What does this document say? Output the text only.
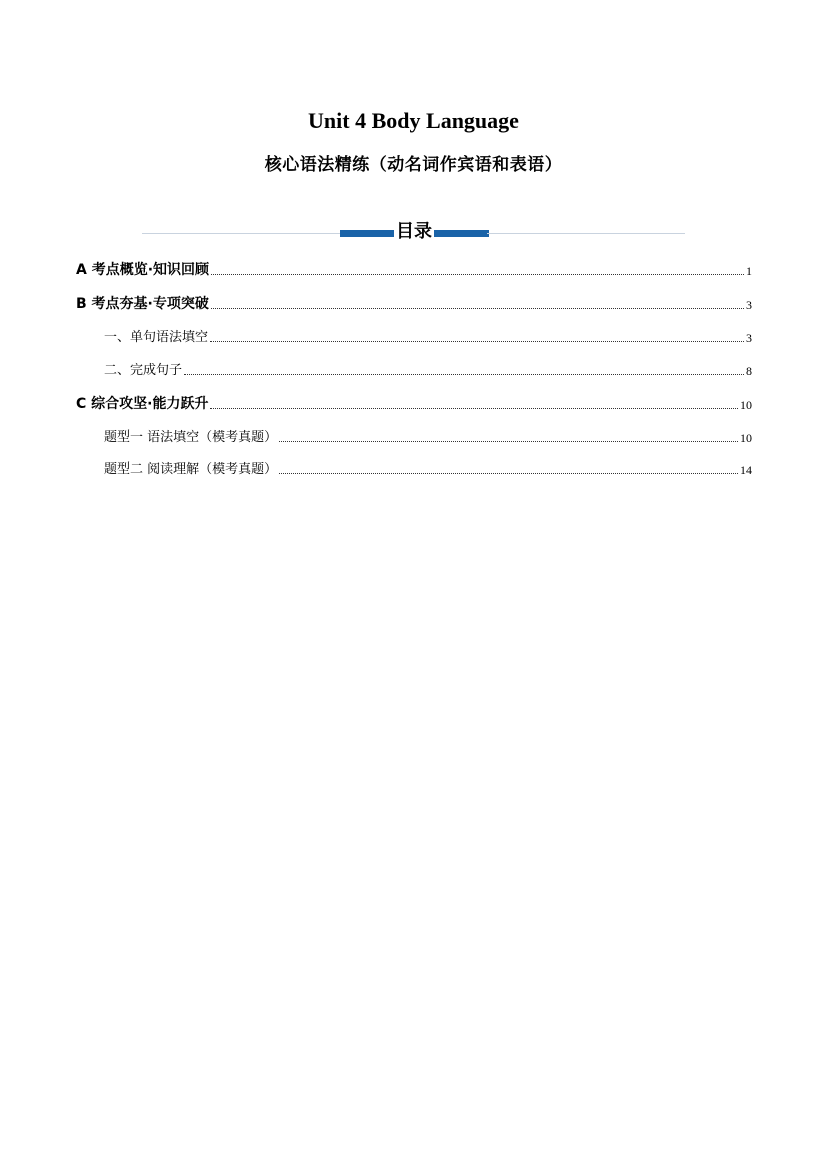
Unit 4 Body Language
核心语法精练（动名词作宾语和表语）
目录
A 考点概览·知识回顾	1
B 考点夯基·专项突破	3
一、单句语法填空	3
二、完成句子	8
C 综合攻坚·能力跃升	10
题型一 语法填空（模考真题）	10
题型二 阅读理解（模考真题）	14
